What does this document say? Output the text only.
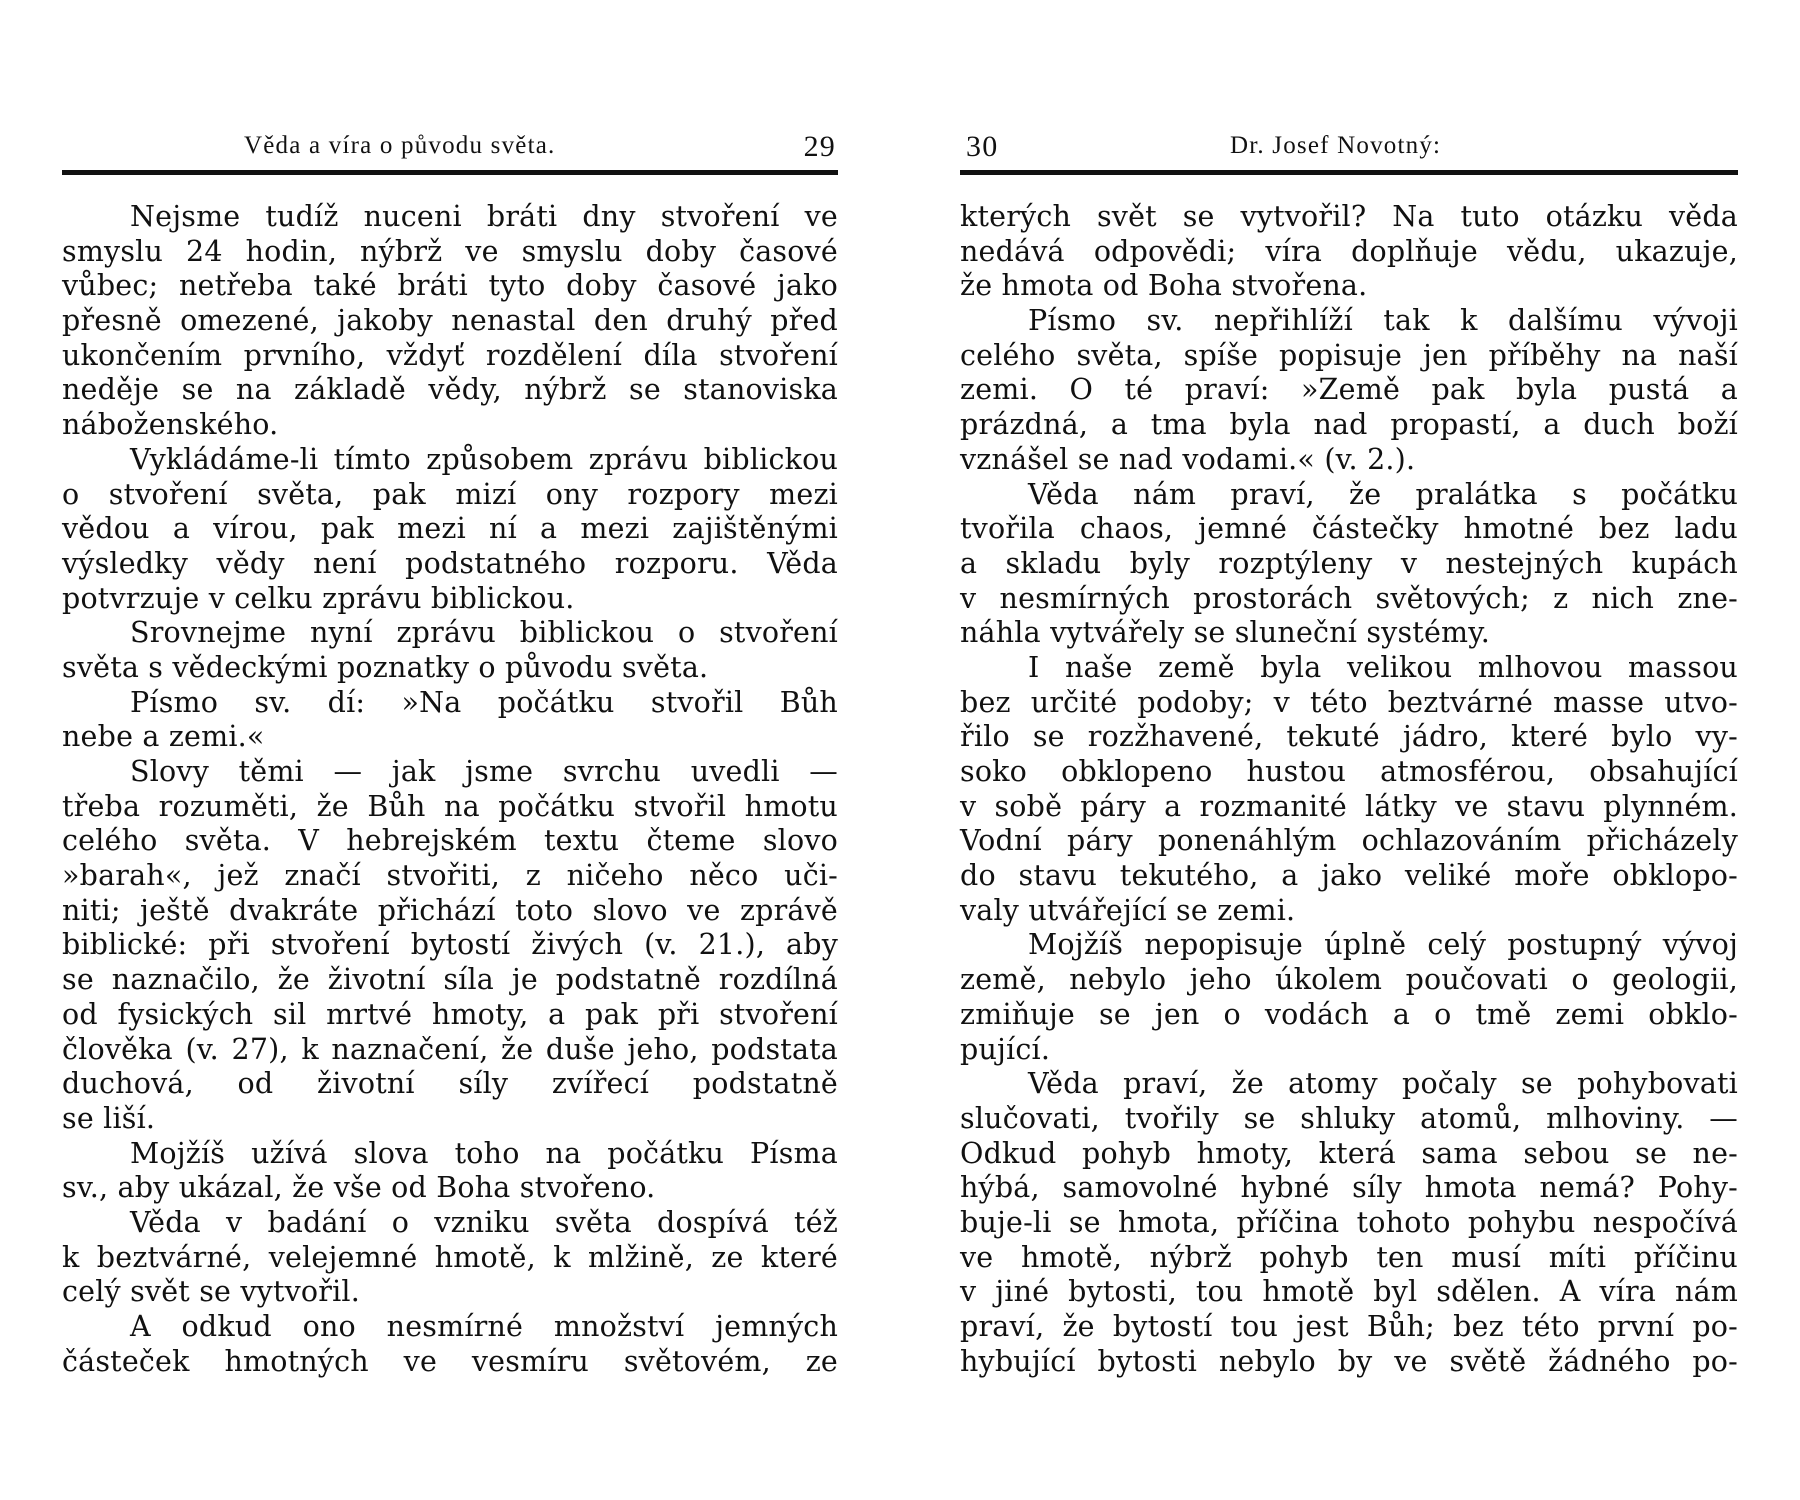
Věda a víra o původu světa.	29
Nejsme tudíž nuceni bráti dny stvoření ve
smyslu 24 hodin, nýbrž ve smyslu doby časové
vůbec; netřeba také bráti tyto doby časové jako
přesně omezené, jakoby nenastal den druhý před
ukončením prvního, vždyť rozdělení díla stvoření
neděje se na základě vědy, nýbrž se stanoviska
náboženského.
Vykládáme-li tímto způsobem zprávu biblickou
o stvoření světa, pak mizí ony rozpory mezi
vědou a vírou, pak mezi ní a mezi zajištěnými
výsledky vědy není podstatného rozporu. Věda
potvrzuje v celku zprávu biblickou.
Srovnejme nyní zprávu biblickou o stvoření
světa s vědeckými poznatky o původu světa.
Písmo sv. dí: »Na počátku stvořil Bůh
nebe a zemi.«
Slovy těmi — jak jsme svrchu uvedli —
třeba rozuměti, že Bůh na počátku stvořil hmotu
celého světa. V hebrejském textu čteme slovo
»barah«, jež značí stvořiti, z ničeho něco uči-
niti; ještě dvakráte přichází toto slovo ve zprávě
biblické: při stvoření bytostí živých (v. 21.), aby
se naznačilo, že životní síla je podstatně rozdílná
od fysických sil mrtvé hmoty, a pak při stvoření
člověka (v. 27), k naznačení, že duše jeho, podstata
duchová, od životní síly zvířecí podstatně
se liší.
Mojžíš užívá slova toho na počátku Písma
sv., aby ukázal, že vše od Boha stvořeno.
Věda v badání o vzniku světa dospívá též
k beztvárné, velejemné hmotě, k mlžině, ze které
celý svět se vytvořil.
A odkud ono nesmírné množství jemných
částeček hmotných ve vesmíru světovém, ze
30	Dr. Josef Novotný:
kterých svět se vytvořil? Na tuto otázku věda
nedává odpovědi; víra doplňuje vědu, ukazuje,
že hmota od Boha stvořena.
Písmo sv. nepřihlíží tak k dalšímu vývoji
celého světa, spíše popisuje jen příběhy na naší
zemi. O té praví: »Země pak byla pustá a
prázdná, a tma byla nad propastí, a duch boží
vznášel se nad vodami.« (v. 2.).
Věda nám praví, že pralátka s počátku
tvořila chaos, jemné částečky hmotné bez ladu
a skladu byly rozptýleny v nestejných kupách
v nesmírných prostorách světových; z nich zne-
náhla vytvářely se sluneční systémy.
I naše země byla velikou mlhovou massou
bez určité podoby; v této beztvárné masse utvo-
řilo se rozžhavené, tekuté jádro, které bylo vy-
soko obklopeno hustou atmosférou, obsahující
v sobě páry a rozmanité látky ve stavu plynném.
Vodní páry ponenáhlým ochlazováním přicházely
do stavu tekutého, a jako veliké moře obklopo-
valy utvářející se zemi.
Mojžíš nepopisuje úplně celý postupný vývoj
země, nebylo jeho úkolem poučovati o geologii,
zmiňuje se jen o vodách a o tmě zemi obklo-
pující.
Věda praví, že atomy počaly se pohybovati
slučovati, tvořily se shluky atomů, mlhoviny. —
Odkud pohyb hmoty, která sama sebou se ne-
hýbá, samovolné hybné síly hmota nemá? Pohy-
buje-li se hmota, příčina tohoto pohybu nespočívá
ve hmotě, nýbrž pohyb ten musí míti příčinu
v jiné bytosti, tou hmotě byl sdělen. A víra nám
praví, že bytostí tou jest Bůh; bez této první po-
hybující bytosti nebylo by ve světě žádného po-
